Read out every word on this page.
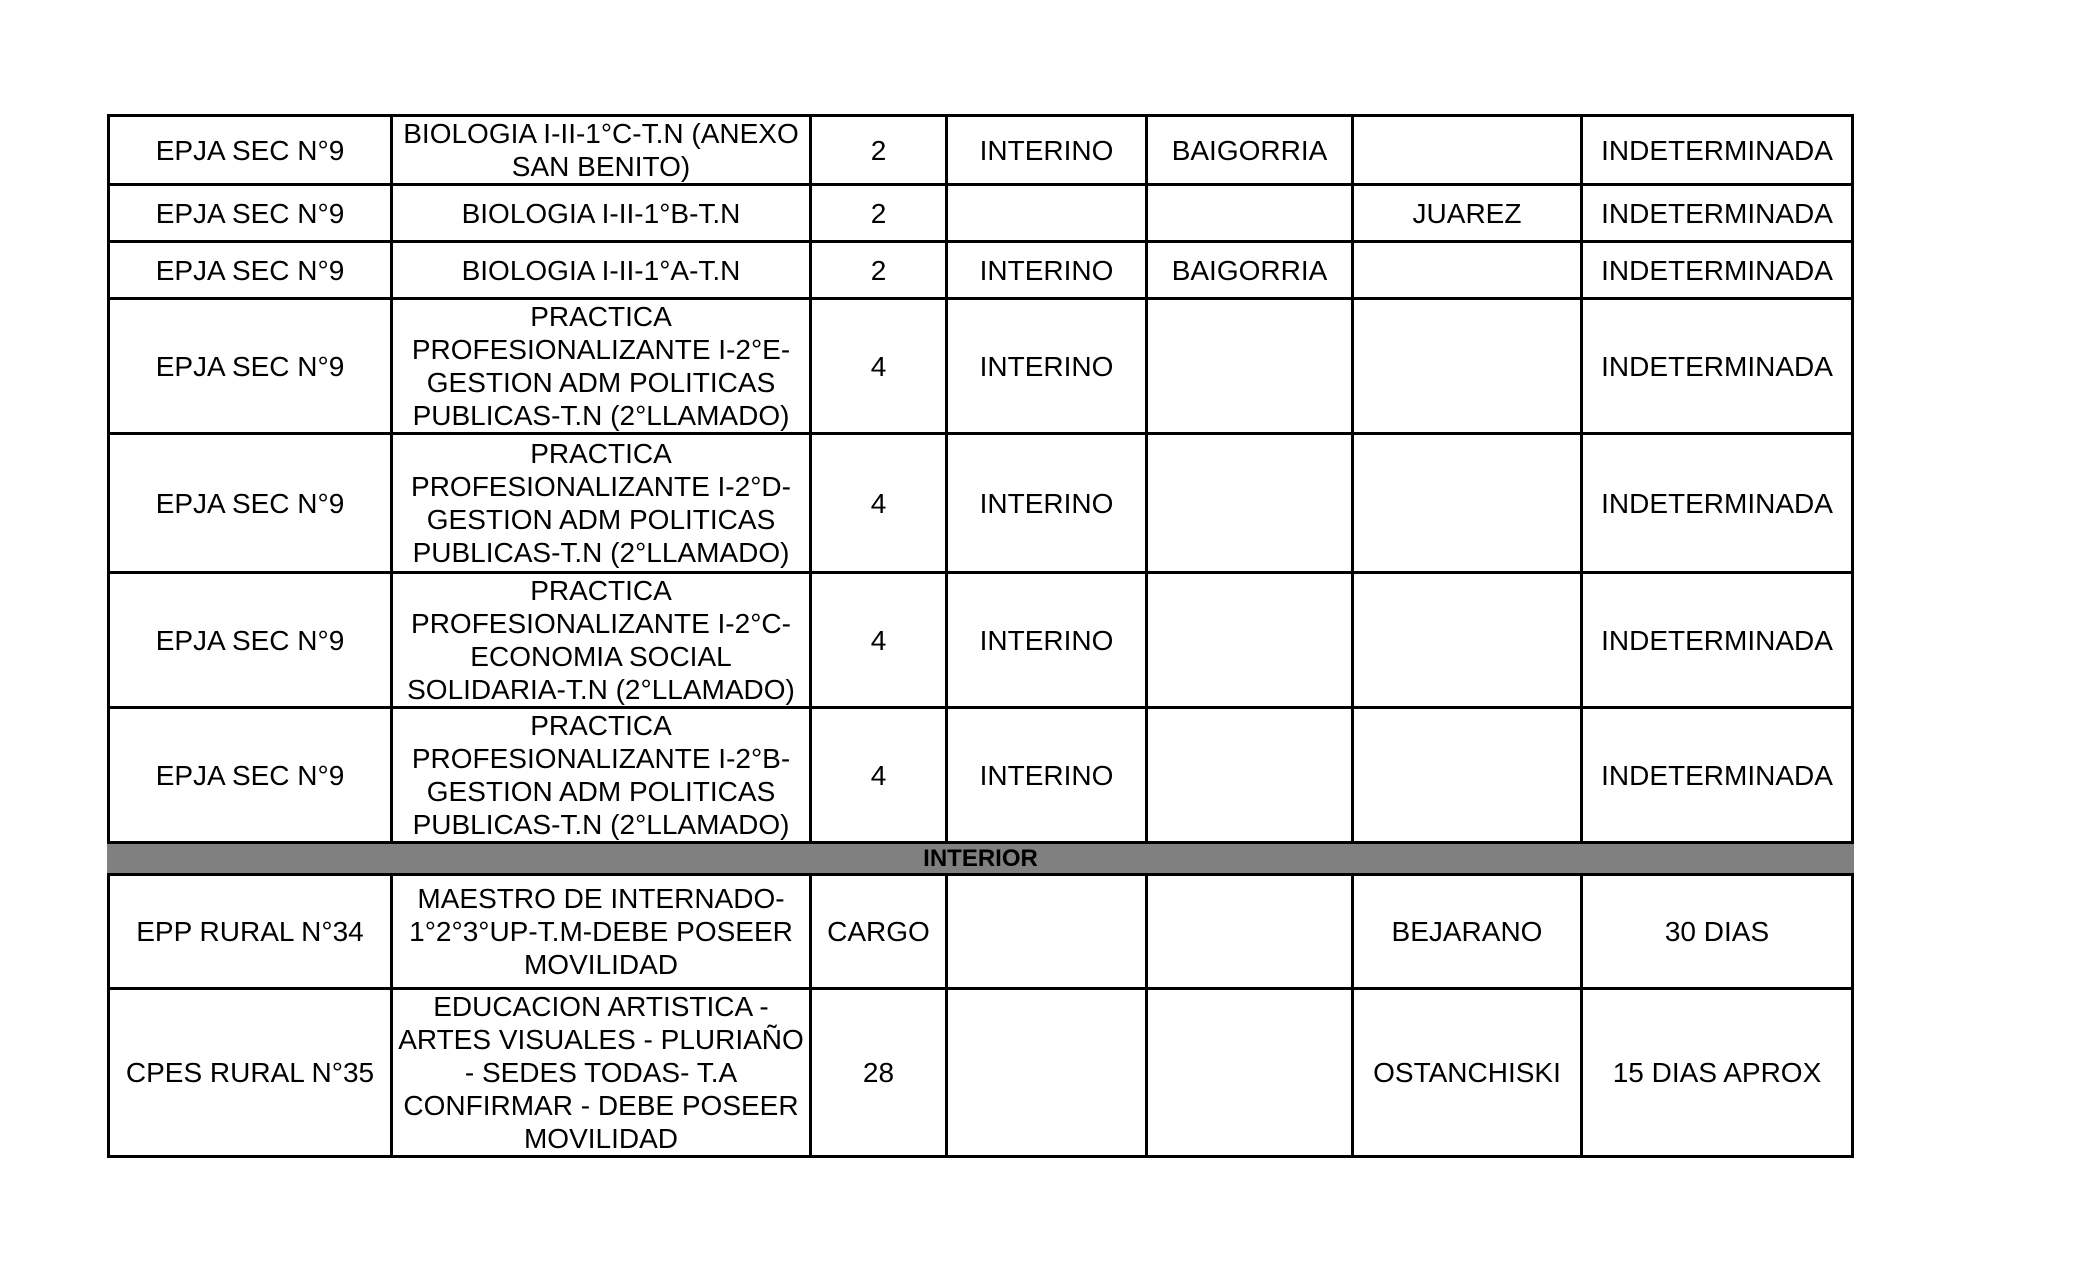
EPJA SEC N°9	BIOLOGIA I-II-1°C-T.N (ANEXO SAN BENITO)	2	INTERINO	BAIGORRIA		INDETERMINADA
EPJA SEC N°9	BIOLOGIA I-II-1°B-T.N	2			JUAREZ	INDETERMINADA
EPJA SEC N°9	BIOLOGIA I-II-1°A-T.N	2	INTERINO	BAIGORRIA		INDETERMINADA
EPJA SEC N°9	PRACTICA PROFESIONALIZANTE I-2°E-GESTION ADM POLITICAS PUBLICAS-T.N (2°LLAMADO)	4	INTERINO			INDETERMINADA
EPJA SEC N°9	PRACTICA PROFESIONALIZANTE I-2°D-GESTION ADM POLITICAS PUBLICAS-T.N (2°LLAMADO)	4	INTERINO			INDETERMINADA
EPJA SEC N°9	PRACTICA PROFESIONALIZANTE I-2°C-ECONOMIA SOCIAL SOLIDARIA-T.N (2°LLAMADO)	4	INTERINO			INDETERMINADA
EPJA SEC N°9	PRACTICA PROFESIONALIZANTE I-2°B-GESTION ADM POLITICAS PUBLICAS-T.N (2°LLAMADO)	4	INTERINO			INDETERMINADA
INTERIOR						
EPP RURAL N°34	MAESTRO DE INTERNADO-1°2°3°UP-T.M-DEBE POSEER MOVILIDAD	CARGO			BEJARANO	30 DIAS
CPES RURAL N°35	EDUCACION ARTISTICA - ARTES VISUALES - PLURIAÑO - SEDES TODAS- T.A CONFIRMAR - DEBE POSEER MOVILIDAD	28			OSTANCHISKI	15 DIAS APROX
